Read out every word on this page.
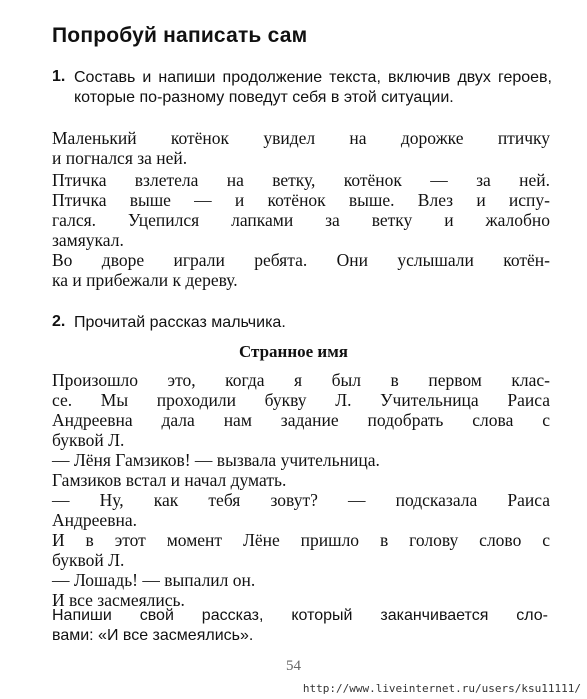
Попробуй написать сам
1. Составь и напиши продолжение текста, включив двух героев, которые по-разному поведут себя в этой ситуации.
Маленький котёнок увидел на дорожке птичку
и погнался за ней.
Птичка взлетела на ветку, котёнок — за ней.
Птичка выше — и котёнок выше. Влез и испу-
гался. Уцепился лапками за ветку и жалобно
замяукал.
Во дворе играли ребята. Они услышали котён-
ка и прибежали к дереву.
2. Прочитай рассказ мальчика.
Странное имя
Произошло это, когда я был в первом клас-
се. Мы проходили букву Л. Учительница Раиса
Андреевна дала нам задание подобрать слова с
буквой Л.
— Лёня Гамзиков! — вызвала учительница.
Гамзиков встал и начал думать.
— Ну, как тебя зовут? — подсказала Раиса
Андреевна.
И в этот момент Лёне пришло в голову слово с
буквой Л.
— Лошадь! — выпалил он.
И все засмеялись.
Напиши свой рассказ, который заканчивается сло-
вами: «И все засмеялись».
54
http://www.liveinternet.ru/users/ksu11111/
